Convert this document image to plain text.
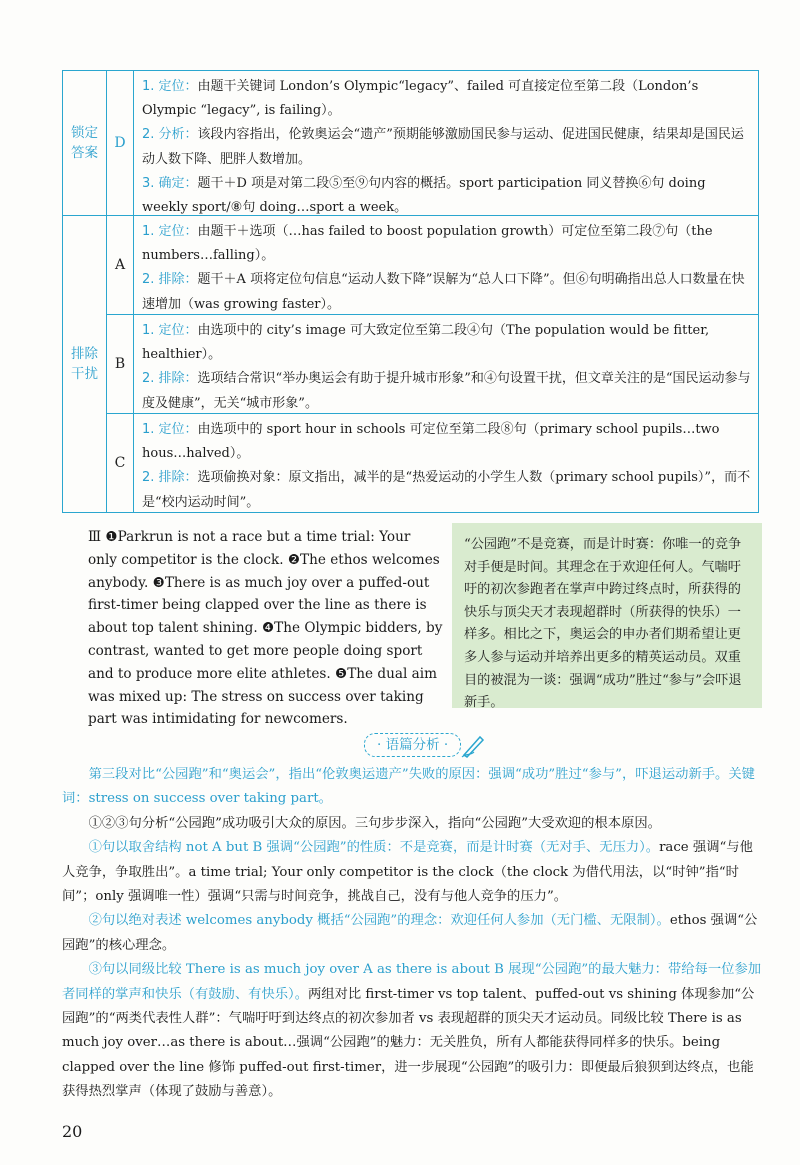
锁定答案
D
1. 定位：由题干关键词 London’s Olympic“legacy”、failed 可直接定位至第二段（London’s Olympic “legacy”, is failing）。
2. 分析：该段内容指出，伦敦奥运会“遗产”预期能够激励国民参与运动、促进国民健康，结果却是国民运动人数下降、肥胖人数增加。
3. 确定：题干＋D 项是对第二段⑤至⑨句内容的概括。sport participation 同义替换⑥句 doing weekly sport/⑧句 doing…sport a week。
排除干扰
A
1. 定位：由题干＋选项（…has failed to boost population growth）可定位至第二段⑦句（the numbers…falling）。
2. 排除：题干＋A 项将定位句信息“运动人数下降”误解为“总人口下降”。但⑥句明确指出总人口数量在快速增加（was growing faster）。
B
1. 定位：由选项中的 city’s image 可大致定位至第二段④句（The population would be fitter, healthier）。
2. 排除：选项结合常识“举办奥运会有助于提升城市形象”和④句设置干扰，但文章关注的是“国民运动参与度及健康”，无关“城市形象”。
C
1. 定位：由选项中的 sport hour in schools 可定位至第二段⑧句（primary school pupils…two hous…halved）。
2. 排除：选项偷换对象：原文指出，减半的是“热爱运动的小学生人数（primary school pupils）”，而不是“校内运动时间”。
Ⅲ ❶Parkrun is not a race but a time trial: Your only competitor is the clock. ❷The ethos welcomes anybody. ❸There is as much joy over a puffed-out first-timer being clapped over the line as there is about top talent shining. ❹The Olympic bidders, by contrast, wanted to get more people doing sport and to produce more elite athletes. ❺The dual aim was mixed up: The stress on success over taking part was intimidating for newcomers.
“公园跑”不是竞赛，而是计时赛：你唯一的竞争对手便是时间。其理念在于欢迎任何人。气喘吁吁的初次参跑者在掌声中跨过终点时，所获得的快乐与顶尖天才表现超群时（所获得的快乐）一样多。相比之下，奥运会的申办者们期希望让更多人参与运动并培养出更多的精英运动员。双重目的被混为一谈：强调“成功”胜过“参与”会吓退新手。
· 语篇分析 ·

第三段对比“公园跑”和“奥运会”，指出“伦敦奥运遗产”失败的原因：强调“成功”胜过“参与”，吓退运动新手。关键词：stress on success over taking part。

①②③句分析“公园跑”成功吸引大众的原因。三句步步深入，指向“公园跑”大受欢迎的根本原因。

①句以取舍结构 not A but B 强调“公园跑”的性质：不是竞赛，而是计时赛（无对手、无压力）。race 强调“与他人竞争，争取胜出”。a time trial; Your only competitor is the clock（the clock 为借代用法，以“时钟”指“时间”；only 强调唯一性）强调“只需与时间竞争，挑战自己，没有与他人竞争的压力”。

②句以绝对表述 welcomes anybody 概括“公园跑”的理念：欢迎任何人参加（无门槛、无限制）。ethos 强调“公园跑”的核心理念。

③句以同级比较 There is as much joy over A as there is about B 展现“公园跑”的最大魅力：带给每一位参加者同样的掌声和快乐（有鼓励、有快乐）。两组对比 first-timer vs top talent、puffed-out vs shining 体现参加“公园跑”的“两类代表性人群”：气喘吁吁到达终点的初次参加者 vs 表现超群的顶尖天才运动员。同级比较 There is as much joy over…as there is about…强调“公园跑”的魅力：无关胜负，所有人都能获得同样多的快乐。being clapped over the line 修饰 puffed-out first-timer，进一步展现“公园跑”的吸引力：即便最后狼狈到达终点，也能获得热烈掌声（体现了鼓励与善意）。

20
